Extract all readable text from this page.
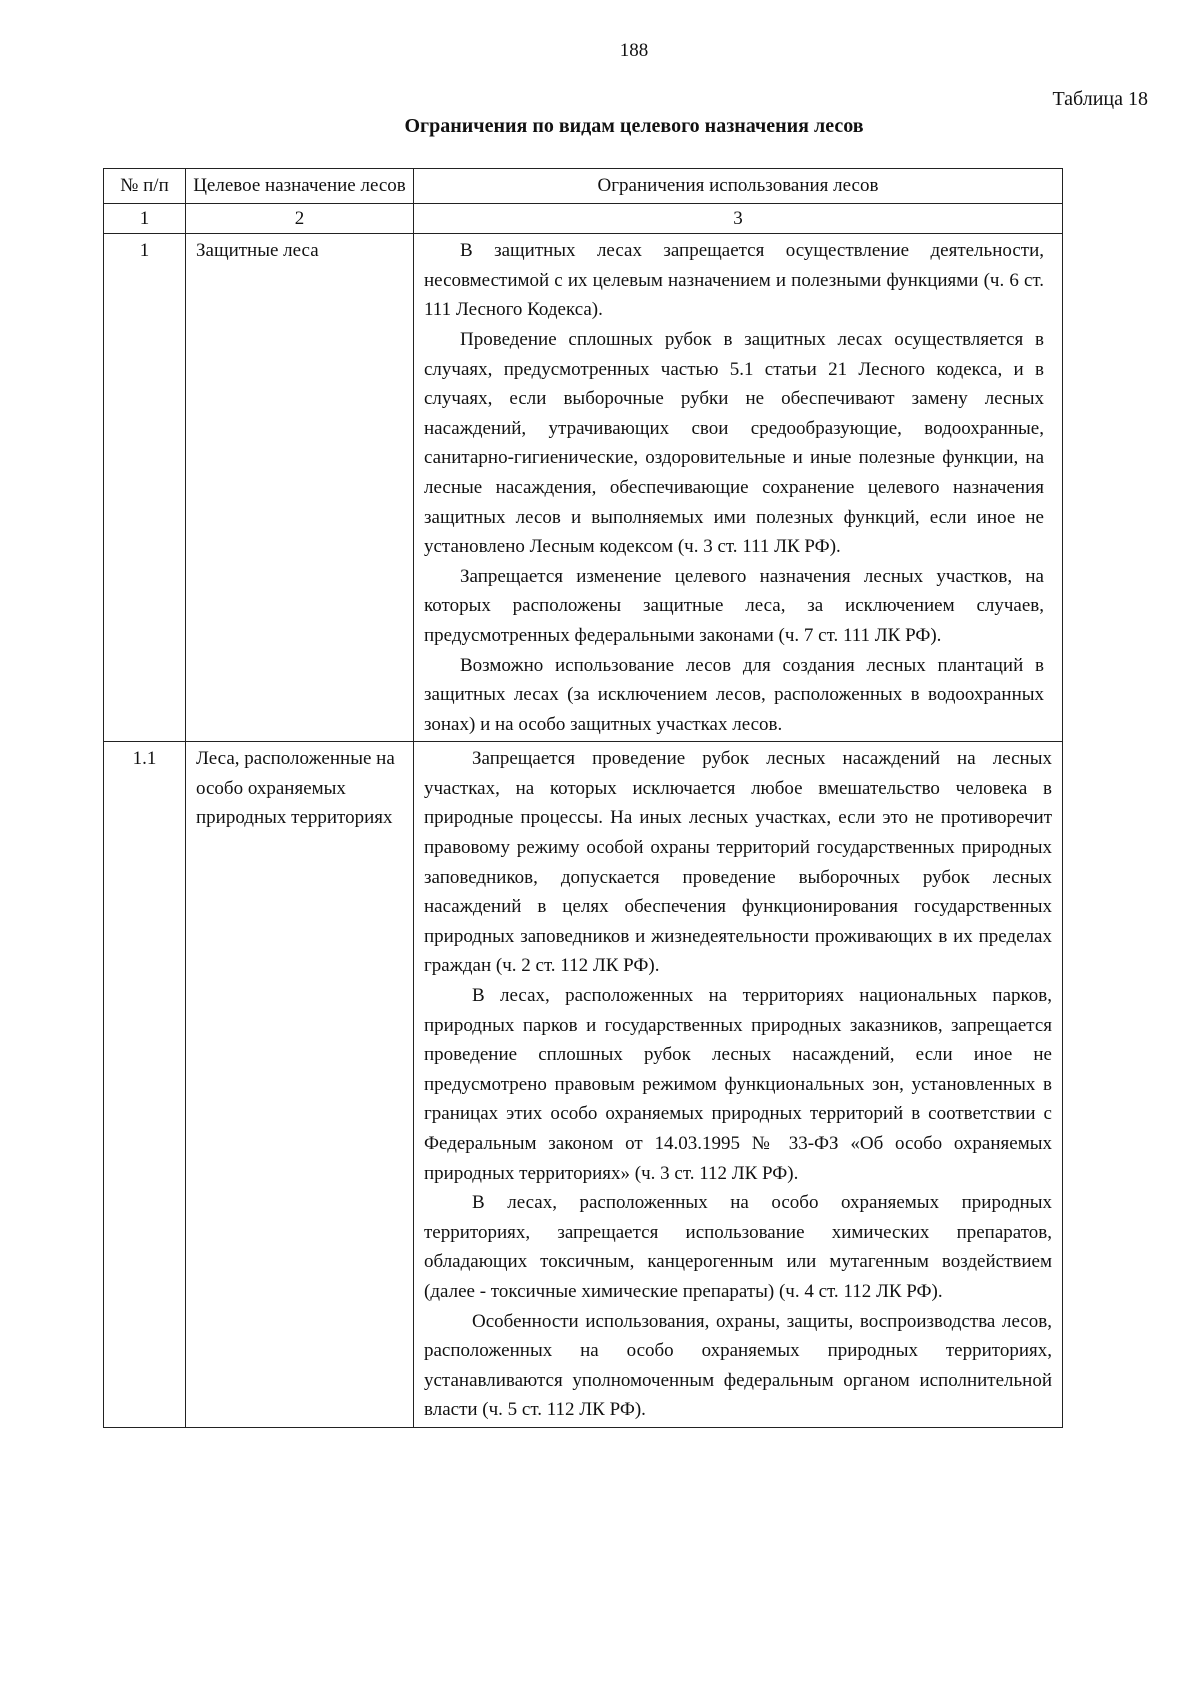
188
Таблица 18
Ограничения по видам целевого назначения лесов
№ п/п	Целевое назначение лесов	Ограничения использования лесов
1	2	3
1	Защитные леса	В защитных лесах запрещается осуществление деятельности, несовместимой с их целевым назначением и полезными функциями (ч. 6 ст. 111 Лесного Кодекса).

Проведение сплошных рубок в защитных лесах осуществляется в случаях, предусмотренных частью 5.1 статьи 21 Лесного кодекса, и в случаях, если выборочные рубки не обеспечивают замену лесных насаждений, утрачивающих свои средообразующие, водоохранные, санитарно-гигиенические, оздоровительные и иные полезные функции, на лесные насаждения, обеспечивающие сохранение целевого назначения защитных лесов и выполняемых ими полезных функций, если иное не установлено Лесным кодексом (ч. 3 ст. 111 ЛК РФ).

Запрещается изменение целевого назначения лесных участков, на которых расположены защитные леса, за исключением случаев, предусмотренных федеральными законами (ч. 7 ст. 111 ЛК РФ).

Возможно использование лесов для создания лесных плантаций в защитных лесах (за исключением лесов, расположенных в водоохранных зонах) и на особо защитных участках лесов.

1.1	Леса, расположенные на особо охраняемых природных территориях	Запрещается проведение рубок лесных насаждений на лесных участках, на которых исключается любое вмешательство человека в природные процессы. На иных лесных участках, если это не противоречит правовому режиму особой охраны территорий государственных природных заповедников, допускается проведение выборочных рубок лесных насаждений в целях обеспечения функционирования государственных природных заповедников и жизнедеятельности проживающих в их пределах граждан (ч. 2 ст. 112 ЛК РФ).

В лесах, расположенных на территориях национальных парков, природных парков и государственных природных заказников, запрещается проведение сплошных рубок лесных насаждений, если иное не предусмотрено правовым режимом функциональных зон, установленных в границах этих особо охраняемых природных территорий в соответствии с Федеральным законом от 14.03.1995 № 33-ФЗ «Об особо охраняемых природных территориях» (ч. 3 ст. 112 ЛК РФ).

В лесах, расположенных на особо охраняемых природных территориях, запрещается использование химических препаратов, обладающих токсичным, канцерогенным или мутагенным воздействием (далее - токсичные химические препараты) (ч. 4 ст. 112 ЛК РФ).

Особенности использования, охраны, защиты, воспроизводства лесов, расположенных на особо охраняемых природных территориях, устанавливаются уполномоченным федеральным органом исполнительной власти (ч. 5 ст. 112 ЛК РФ).
